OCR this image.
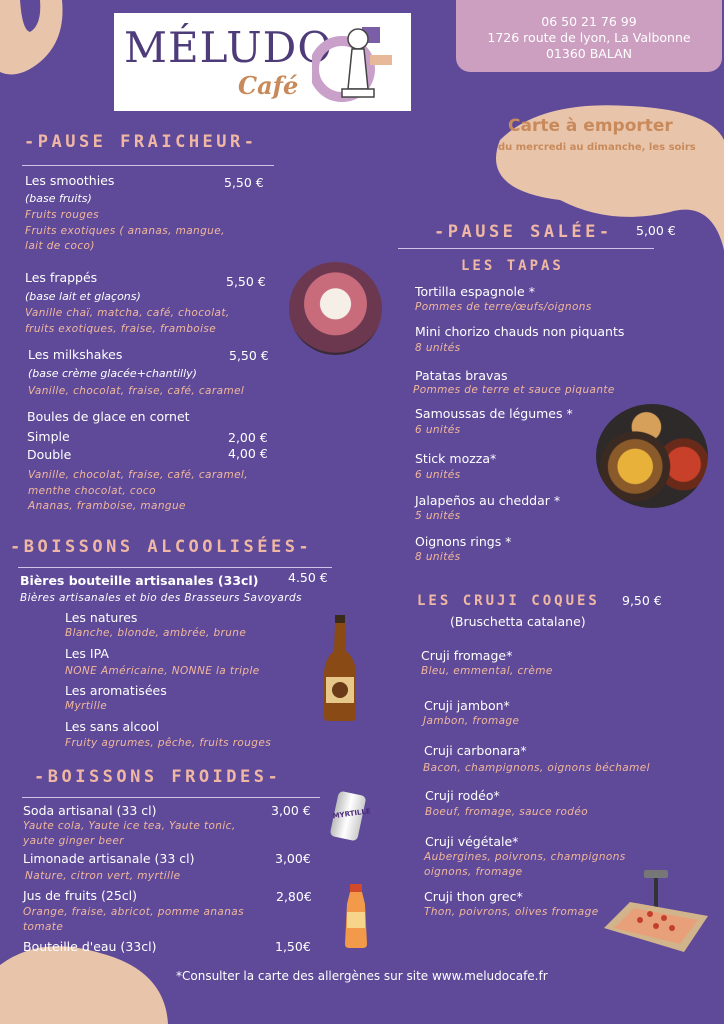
MÉLUDO
Café
06 50 21 76 99
1726 route de lyon, La Valbonne
01360 BALAN
Carte à emporter
du mercredi au dimanche, les soirs
-PAUSE FRAICHEUR-
Les smoothies	5,50 €
(base fruits)
Fruits rouges
Fruits exotiques ( ananas, mangue,
lait de coco)
Les frappés	5,50 €
(base lait et glaçons)
Vanille chaï, matcha, café, chocolat,
fruits exotiques, fraise, framboise
Les milkshakes	5,50 €
(base crème glacée+chantilly)
Vanille, chocolat, fraise, café, caramel
Boules de glace en cornet
Simple	2,00 €
Double	4,00 €
Vanille, chocolat, fraise, café, caramel,
menthe chocolat, coco
Ananas, framboise, mangue
-BOISSONS ALCOOLISÉES-
Bières bouteille artisanales (33cl) 4.50 €
Bières artisanales et bio des Brasseurs Savoyards
Les natures
Blanche, blonde, ambrée, brune
Les IPA
NONE Américaine, NONNE la triple
Les aromatisées
Myrtille
Les sans alcool
Fruity agrumes, pêche, fruits rouges
-BOISSONS FROIDES-
Soda artisanal (33 cl)	3,00 €
Yaute cola, Yaute ice tea, Yaute tonic,
yaute ginger beer
Limonade artisanale (33 cl)	3,00€
Nature, citron vert, myrtille
Jus de fruits (25cl)	2,80€
Orange, fraise, abricot, pomme ananas
tomate
Bouteille d'eau (33cl)	1,50€
MYRTILLE
-PAUSE SALÉE- 5,00 €
LES TAPAS
Tortilla espagnole *
Pommes de terre/œufs/oignons
Mini chorizo chauds non piquants
8 unités
Patatas bravas
Pommes de terre et sauce piquante
Samoussas de légumes *
6 unités
Stick mozza*
6 unités
Jalapeños au cheddar *
5 unités
Oignons rings *
8 unités
LES CRUJI COQUES 9,50 €
(Bruschetta catalane)
Cruji fromage*
Bleu, emmental, crème
Cruji jambon*
Jambon, fromage
Cruji carbonara*
Bacon, champignons, oignons béchamel
Cruji rodéo*
Boeuf, fromage, sauce rodéo
Cruji végétale*
Aubergines, poivrons, champignons
oignons, fromage
Cruji thon grec*
Thon, poivrons, olives fromage
*Consulter la carte des allergènes sur site www.meludocafe.fr
